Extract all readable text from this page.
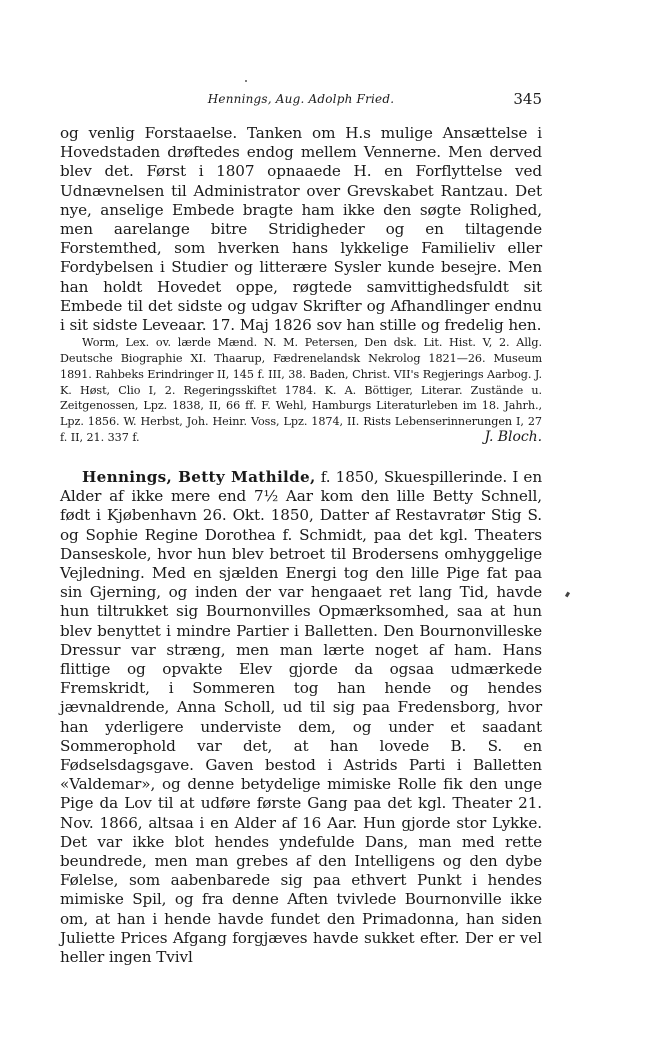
Hennings, Aug. Adolph Fried.	345

og venlig Forstaaelse. Tanken om H.s mulige Ansættelse i Hovedstaden drøftedes endog mellem Vennerne. Men derved blev det. Først i 1807 opnaaede H. en Forflyttelse ved Udnævnelsen til Administrator over Grevskabet Rantzau. Det nye, anselige Embede bragte ham ikke den søgte Rolighed, men aarelange bitre Stridigheder og en tiltagende Forstemthed, som hverken hans lykkelige Familieliv eller Fordybelsen i Studier og litterære Sysler kunde besejre. Men han holdt Hovedet oppe, røgtede samvittighedsfuldt sit Embede til det sidste og udgav Skrifter og Afhandlinger endnu i sit sidste Leveaar. 17. Maj 1826 sov han stille og fredelig hen.

Worm, Lex. ov. lærde Mænd. N. M. Petersen, Den dsk. Lit. Hist. V, 2. Allg. Deutsche Biographie XI. Thaarup, Fædrenelandsk Nekrolog 1821—26. Museum 1891. Rahbeks Erindringer II, 145 f. III, 38. Baden, Christ. VII's Regjerings Aarbog. J. K. Høst, Clio I, 2. Regeringsskiftet 1784. K. A. Böttiger, Literar. Zustände u. Zeitgenossen, Lpz. 1838, II, 66 ff. F. Wehl, Hamburgs Literaturleben im 18. Jahrh., Lpz. 1856. W. Herbst, Joh. Heinr. Voss, Lpz. 1874, II. Rists Lebenserinnerungen I, 27 f. II, 21. 337 f.	J. Bloch.

Hennings, Betty Mathilde, f. 1850, Skuespillerinde. I en Alder af ikke mere end 7½ Aar kom den lille Betty Schnell, født i Kjøbenhavn 26. Okt. 1850, Datter af Restavratør Stig S. og Sophie Regine Dorothea f. Schmidt, paa det kgl. Theaters Danseskole, hvor hun blev betroet til Brodersens omhyggelige Vejledning. Med en sjælden Energi tog den lille Pige fat paa sin Gjerning, og inden der var hengaaet ret lang Tid, havde hun tiltrukket sig Bournonvilles Opmærksomhed, saa at hun blev benyttet i mindre Partier i Balletten. Den Bournonvilleske Dressur var stræng, men man lærte noget af ham. Hans flittige og opvakte Elev gjorde da ogsaa udmærkede Fremskridt, i Sommeren tog han hende og hendes jævnaldrende, Anna Scholl, ud til sig paa Fredensborg, hvor han yderligere underviste dem, og under et saadant Sommerophold var det, at han lovede B. S. en Fødselsdagsgave. Gaven bestod i Astrids Parti i Balletten «Valdemar», og denne betydelige mimiske Rolle fik den unge Pige da Lov til at udføre første Gang paa det kgl. Theater 21. Nov. 1866, altsaa i en Alder af 16 Aar. Hun gjorde stor Lykke. Det var ikke blot hendes yndefulde Dans, man med rette beundrede, men man grebes af den Intelligens og den dybe Følelse, som aabenbarede sig paa ethvert Punkt i hendes mimiske Spil, og fra denne Aften tvivlede Bournonville ikke om, at han i hende havde fundet den Primadonna, han siden Juliette Prices Afgang forgjæves havde sukket efter. Der er vel heller ingen Tvivl
